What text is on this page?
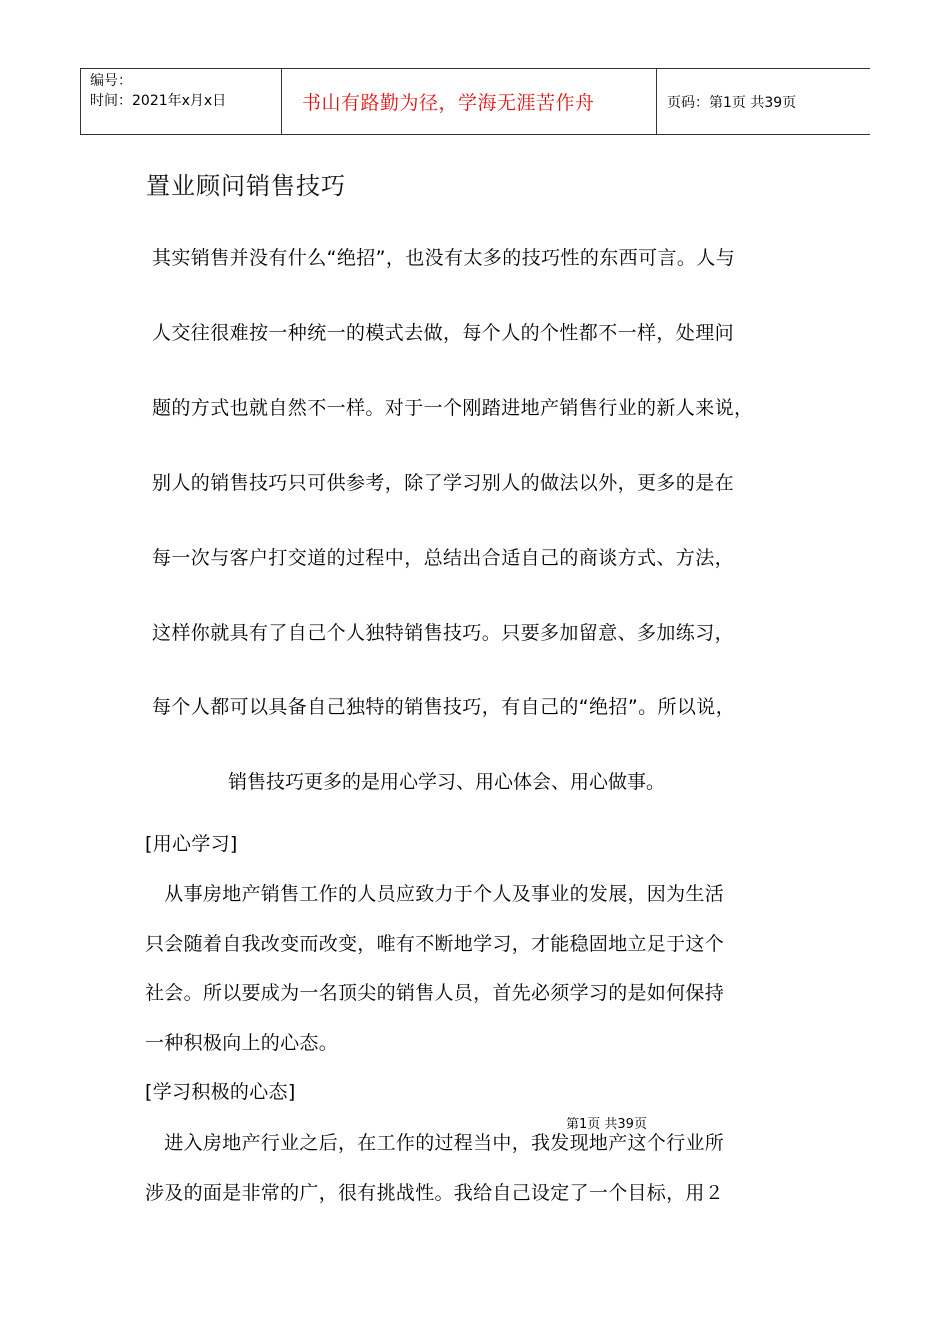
编号：
时间：2021年x月x日	书山有路勤为径，学海无涯苦作舟	页码：第1页 共39页
置业顾问销售技巧
其实销售并没有什么“绝招”，也没有太多的技巧性的东西可言。人与
人交往很难按一种统一的模式去做，每个人的个性都不一样，处理问
题的方式也就自然不一样。对于一个刚踏进地产销售行业的新人来说，
别人的销售技巧只可供参考，除了学习别人的做法以外，更多的是在
每一次与客户打交道的过程中，总结出合适自己的商谈方式、方法，
这样你就具有了自己个人独特销售技巧。只要多加留意、多加练习，
每个人都可以具备自己独特的销售技巧，有自己的“绝招”。所以说，
销售技巧更多的是用心学习、用心体会、用心做事。
[用心学习]
　从事房地产销售工作的人员应致力于个人及事业的发展，因为生活
只会随着自我改变而改变，唯有不断地学习，才能稳固地立足于这个
社会。所以要成为一名顶尖的销售人员，首先必须学习的是如何保持
一种积极向上的心态。
[学习积极的心态]
　进入房地产行业之后，在工作的过程当中，我发现地产这个行业所
涉及的面是非常的广，很有挑战性。我给自己设定了一个目标，用２
第1页 共39页
